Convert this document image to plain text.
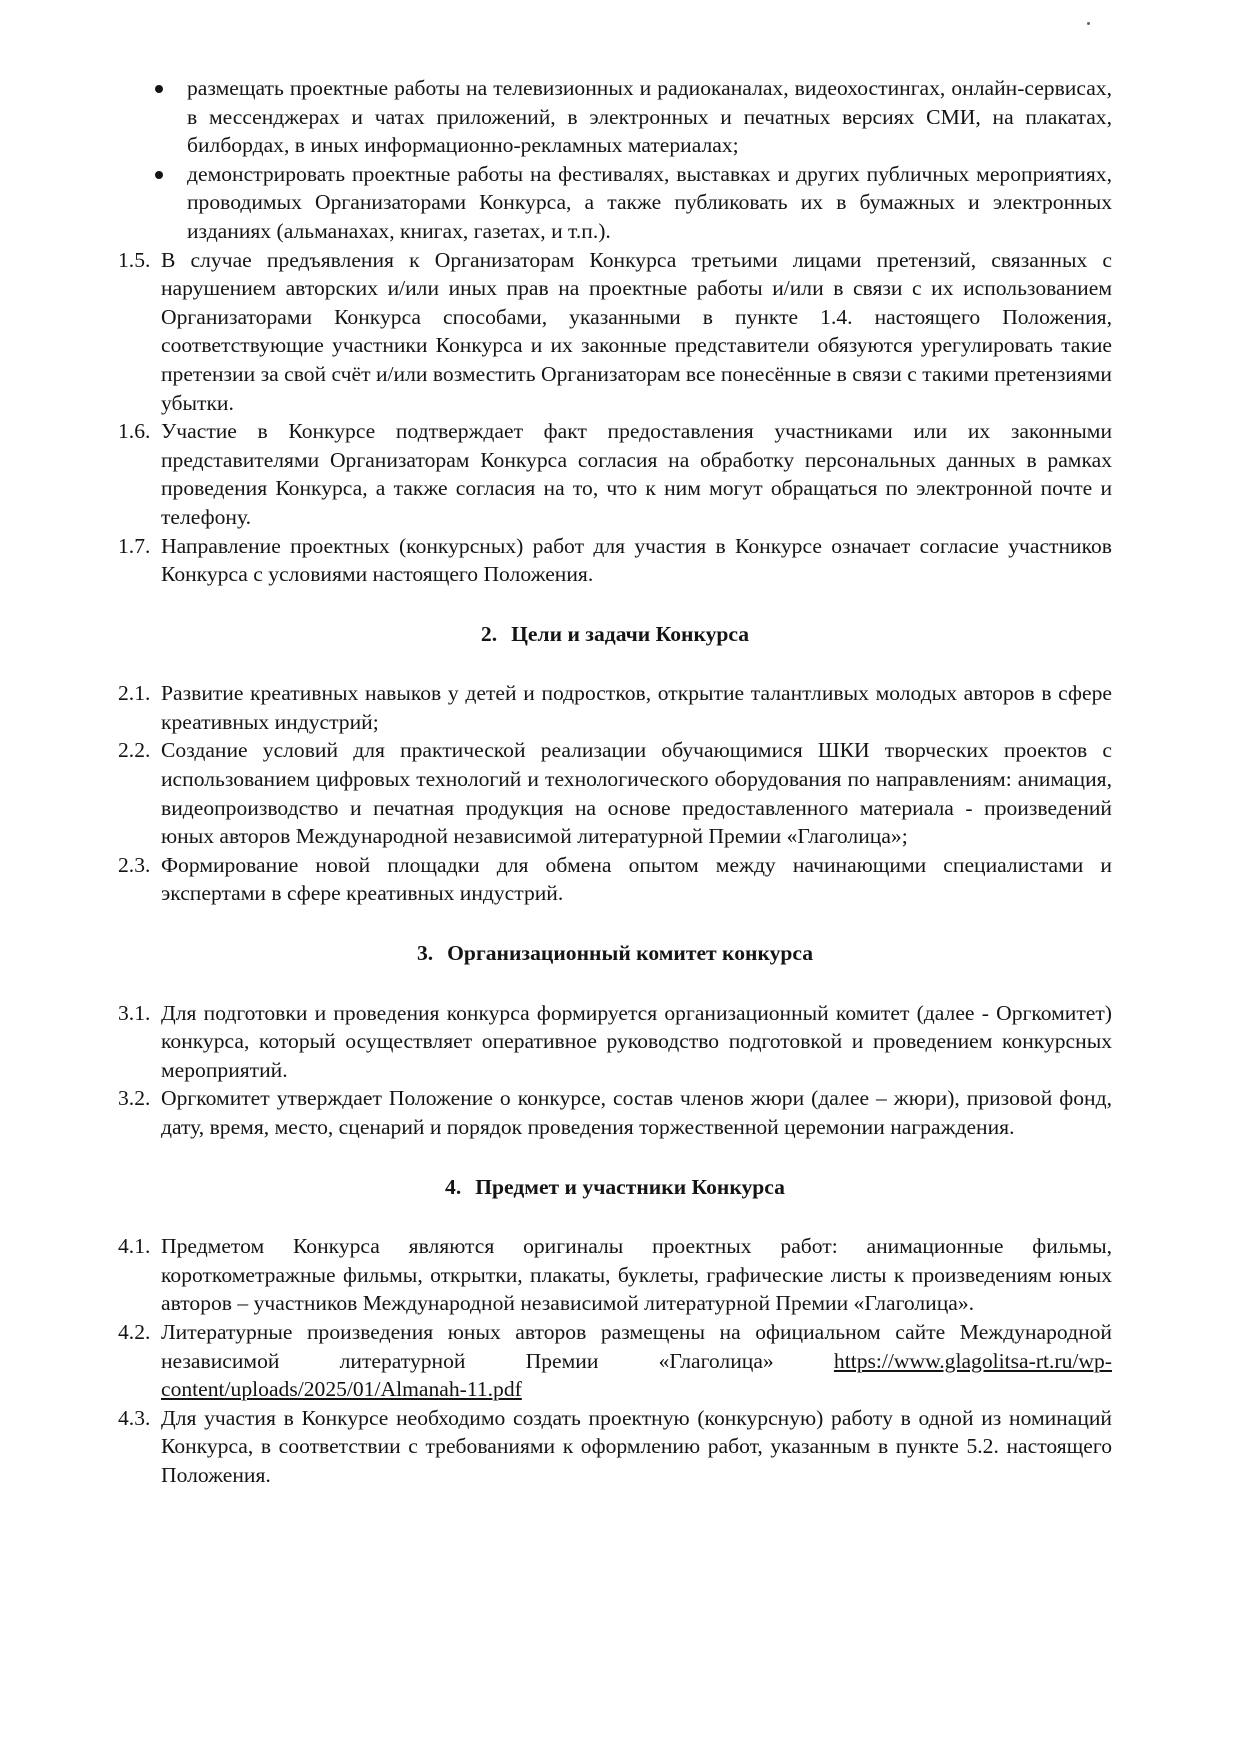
размещать проектные работы на телевизионных и радиоканалах, видеохостингах, онлайн-сервисах, в мессенджерах и чатах приложений, в электронных и печатных версиях СМИ, на плакатах, билбордах, в иных информационно-рекламных материалах;
демонстрировать проектные работы на фестивалях, выставках и других публичных мероприятиях, проводимых Организаторами Конкурса, а также публиковать их в бумажных и электронных изданиях (альманахах, книгах, газетах, и т.п.).
1.5. В случае предъявления к Организаторам Конкурса третьими лицами претензий, связанных с нарушением авторских и/или иных прав на проектные работы и/или в связи с их использованием Организаторами Конкурса способами, указанными в пункте 1.4. настоящего Положения, соответствующие участники Конкурса и их законные представители обязуются урегулировать такие претензии за свой счёт и/или возместить Организаторам все понесённые в связи с такими претензиями убытки.
1.6. Участие в Конкурсе подтверждает факт предоставления участниками или их законными представителями Организаторам Конкурса согласия на обработку персональных данных в рамках проведения Конкурса, а также согласия на то, что к ним могут обращаться по электронной почте и телефону.
1.7. Направление проектных (конкурсных) работ для участия в Конкурсе означает согласие участников Конкурса с условиями настоящего Положения.
2. Цели и задачи Конкурса
2.1. Развитие креативных навыков у детей и подростков, открытие талантливых молодых авторов в сфере креативных индустрий;
2.2. Создание условий для практической реализации обучающимися ШКИ творческих проектов с использованием цифровых технологий и технологического оборудования по направлениям: анимация, видеопроизводство и печатная продукция на основе предоставленного материала - произведений юных авторов Международной независимой литературной Премии «Глаголица»;
2.3. Формирование новой площадки для обмена опытом между начинающими специалистами и экспертами в сфере креативных индустрий.
3. Организационный комитет конкурса
3.1. Для подготовки и проведения конкурса формируется организационный комитет (далее - Оргкомитет) конкурса, который осуществляет оперативное руководство подготовкой и проведением конкурсных мероприятий.
3.2. Оргкомитет утверждает Положение о конкурсе, состав членов жюри (далее – жюри), призовой фонд, дату, время, место, сценарий и порядок проведения торжественной церемонии награждения.
4. Предмет и участники Конкурса
4.1. Предметом Конкурса являются оригиналы проектных работ: анимационные фильмы, короткометражные фильмы, открытки, плакаты, буклеты, графические листы к произведениям юных авторов – участников Международной независимой литературной Премии «Глаголица».
4.2. Литературные произведения юных авторов размещены на официальном сайте Международной независимой литературной Премии «Глаголица»	https://www.glagolitsa-rt.ru/wp-content/uploads/2025/01/Almanah-11.pdf
4.3. Для участия в Конкурсе необходимо создать проектную (конкурсную) работу в одной из номинаций Конкурса, в соответствии с требованиями к оформлению работ, указанным в пункте 5.2. настоящего Положения.
